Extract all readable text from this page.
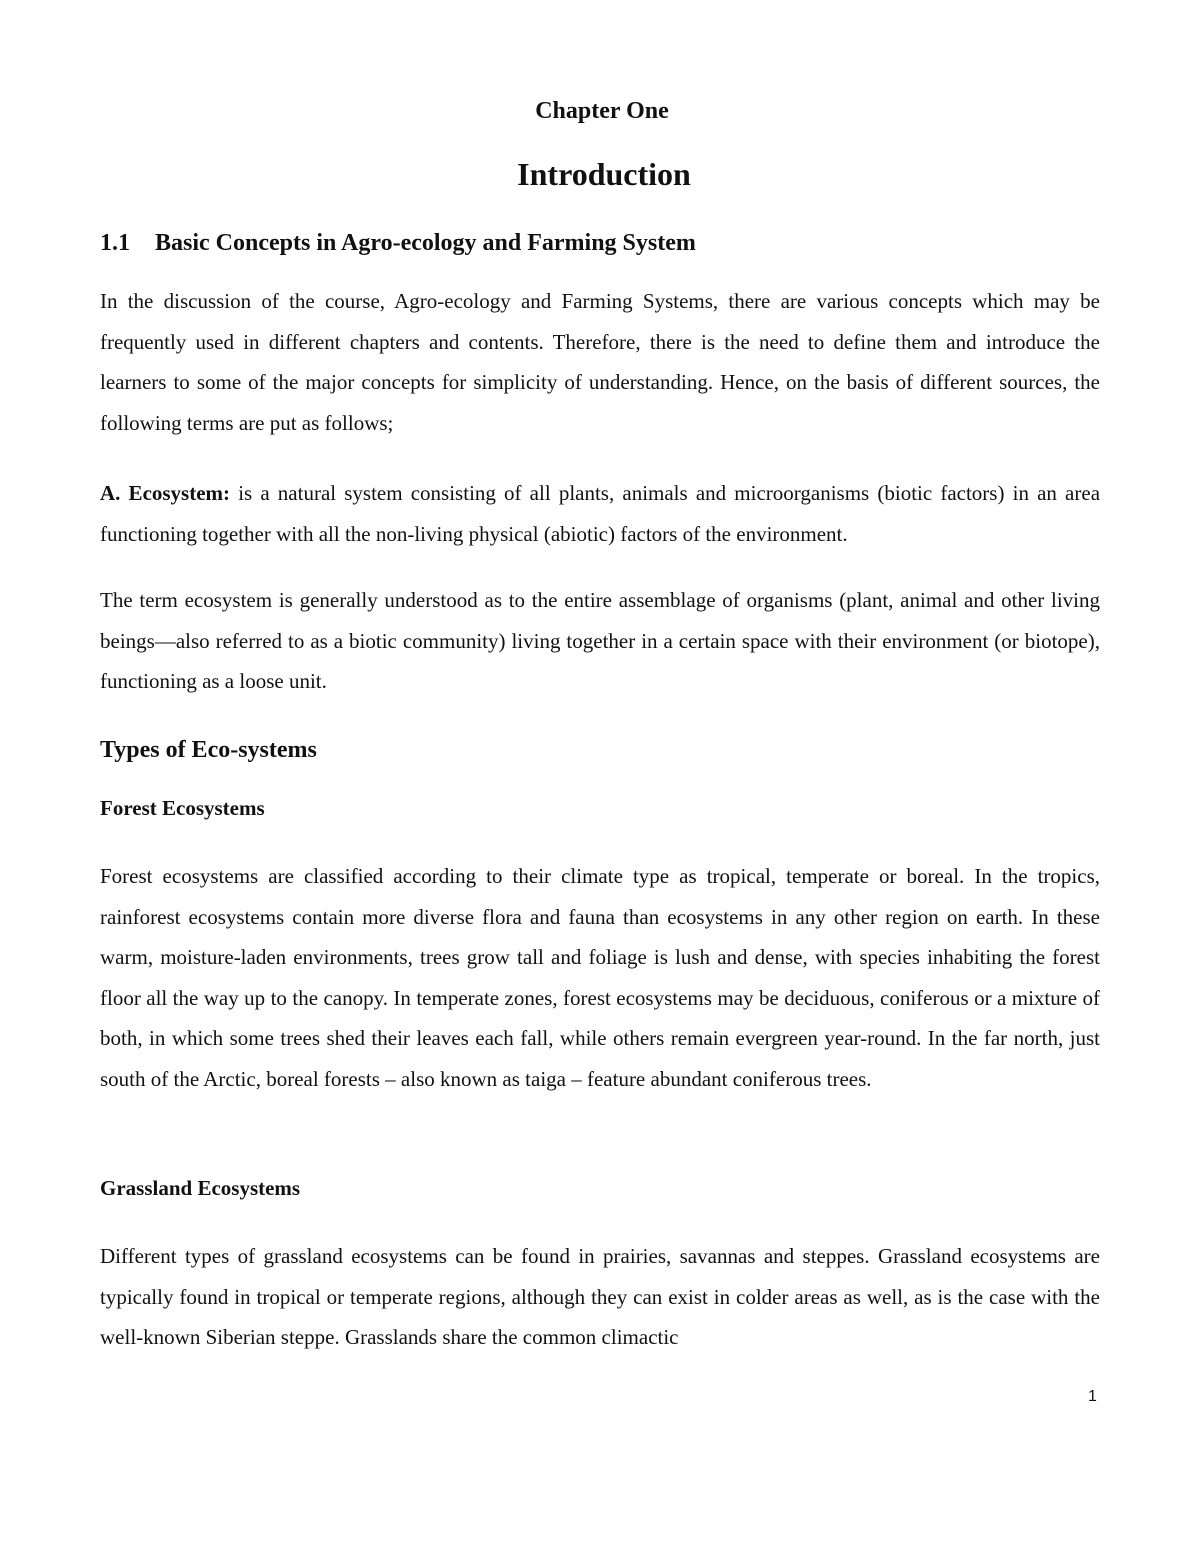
Chapter One
Introduction
1.1 Basic Concepts in Agro-ecology and Farming System

In the discussion of the course, Agro-ecology and Farming Systems, there are various concepts which may be frequently used in different chapters and contents. Therefore, there is the need to define them and introduce the learners to some of the major concepts for simplicity of understanding. Hence, on the basis of different sources, the following terms are put as follows;

A. Ecosystem: is a natural system consisting of all plants, animals and microorganisms (biotic factors) in an area functioning together with all the non-living physical (abiotic) factors of the environment.

The term ecosystem is generally understood as to the entire assemblage of organisms (plant, animal and other living beings—also referred to as a biotic community) living together in a certain space with their environment (or biotope), functioning as a loose unit.

Types of Eco-systems
Forest Ecosystems

Forest ecosystems are classified according to their climate type as tropical, temperate or boreal. In the tropics, rainforest ecosystems contain more diverse flora and fauna than ecosystems in any other region on earth. In these warm, moisture-laden environments, trees grow tall and foliage is lush and dense, with species inhabiting the forest floor all the way up to the canopy. In temperate zones, forest ecosystems may be deciduous, coniferous or a mixture of both, in which some trees shed their leaves each fall, while others remain evergreen year-round. In the far north, just south of the Arctic, boreal forests – also known as taiga – feature abundant coniferous trees.

Grassland Ecosystems

Different types of grassland ecosystems can be found in prairies, savannas and steppes. Grassland ecosystems are typically found in tropical or temperate regions, although they can exist in colder areas as well, as is the case with the well-known Siberian steppe. Grasslands share the common climactic

1
